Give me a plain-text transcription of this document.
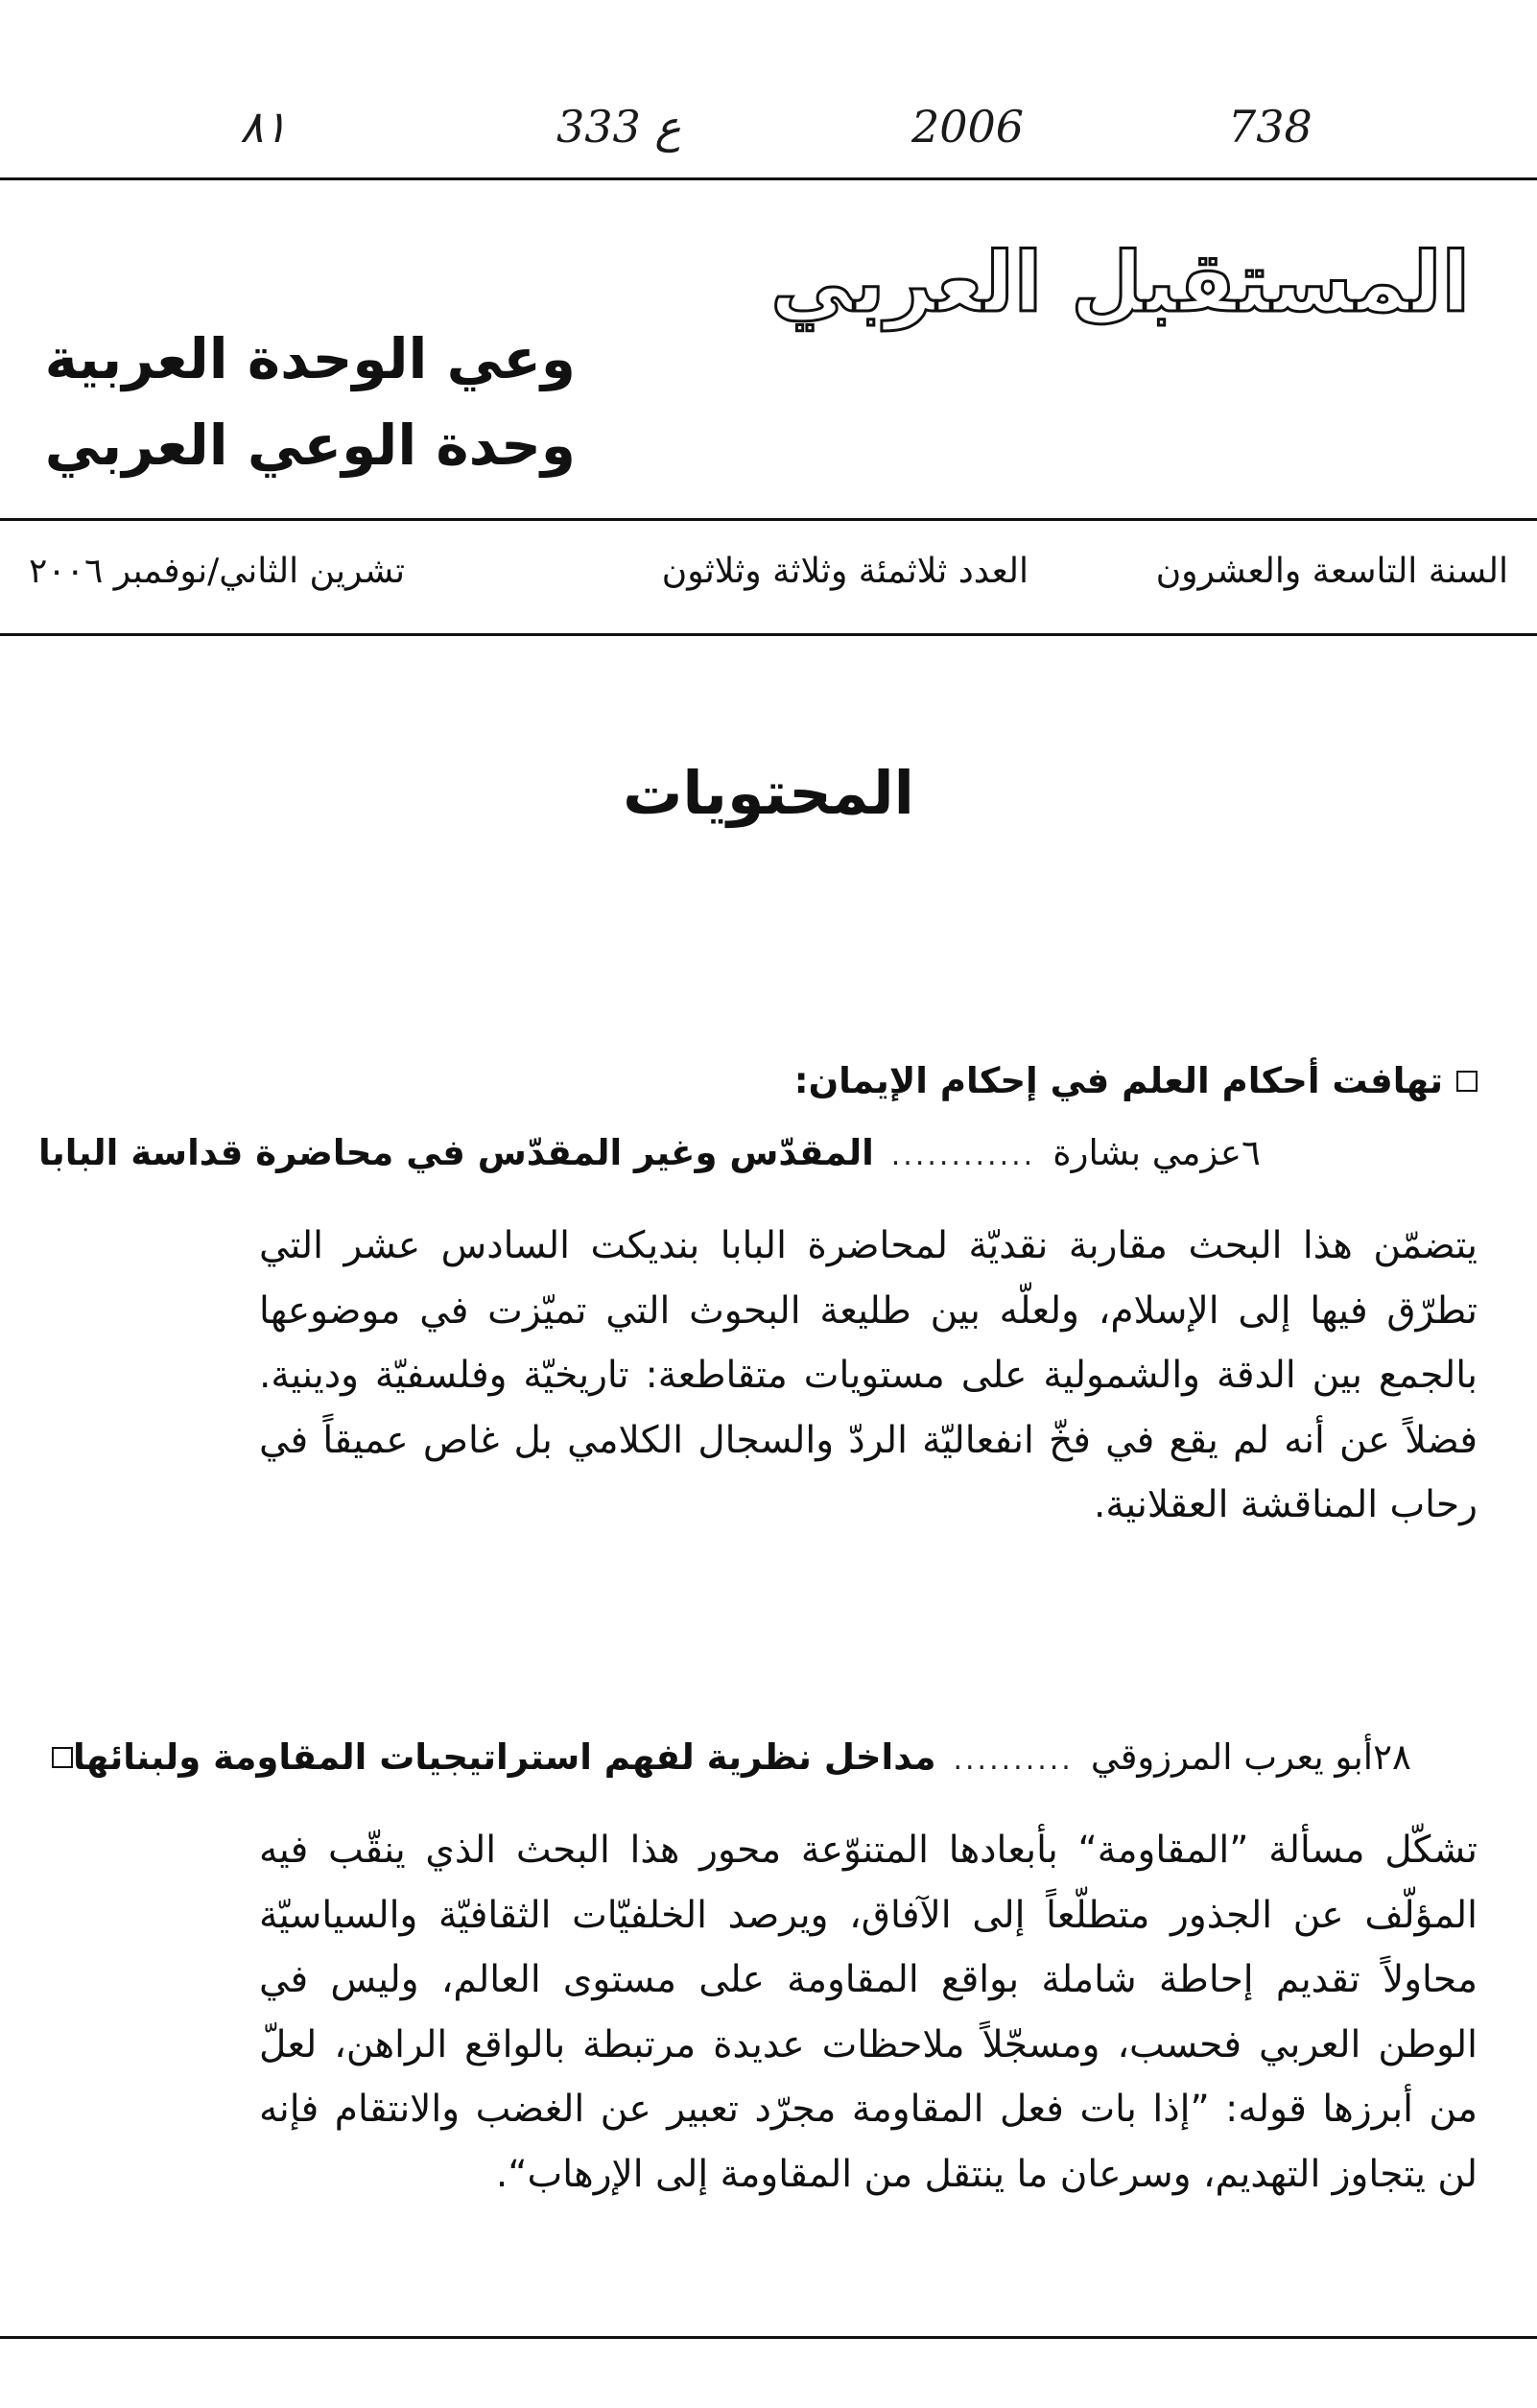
٨١	333 ع	2006	738
المستقبل العربي
وعي الوحدة العربية
وحدة الوعي العربي
السنة التاسعة والعشرون
العدد ثلاثمئة وثلاثة وثلاثون
تشرين الثاني/نوفمبر ٢٠٠٦
المحتويات
تهافت أحكام العلم في إحكام الإيمان:
المقدّس وغير المقدّس في محاضرة قداسة البابا ............ عزمي بشارة ٦
يتضمّن هذا البحث مقاربة نقديّة لمحاضرة البابا بنديكت السادس عشر التي تطرّق فيها إلى الإسلام، ولعلّه بين طليعة البحوث التي تميّزت في موضوعها بالجمع بين الدقة والشمولية على مستويات متقاطعة: تاريخيّة وفلسفيّة ودينية. فضلاً عن أنه لم يقع في فخّ انفعاليّة الردّ والسجال الكلامي بل غاص عميقاً في رحاب المناقشة العقلانية.
مداخل نظرية لفهم استراتيجيات المقاومة ولبنائها .......... أبو يعرب المرزوقي ٢٨
تشكّل مسألة ”المقاومة“ بأبعادها المتنوّعة محور هذا البحث الذي ينقّب فيه المؤلّف عن الجذور متطلّعاً إلى الآفاق، ويرصد الخلفيّات الثقافيّة والسياسيّة محاولاً تقديم إحاطة شاملة بواقع المقاومة على مستوى العالم، وليس في الوطن العربي فحسب، ومسجّلاً ملاحظات عديدة مرتبطة بالواقع الراهن، لعلّ من أبرزها قوله: ”إذا بات فعل المقاومة مجرّد تعبير عن الغضب والانتقام فإنه لن يتجاوز التهديم، وسرعان ما ينتقل من المقاومة إلى الإرهاب“.
